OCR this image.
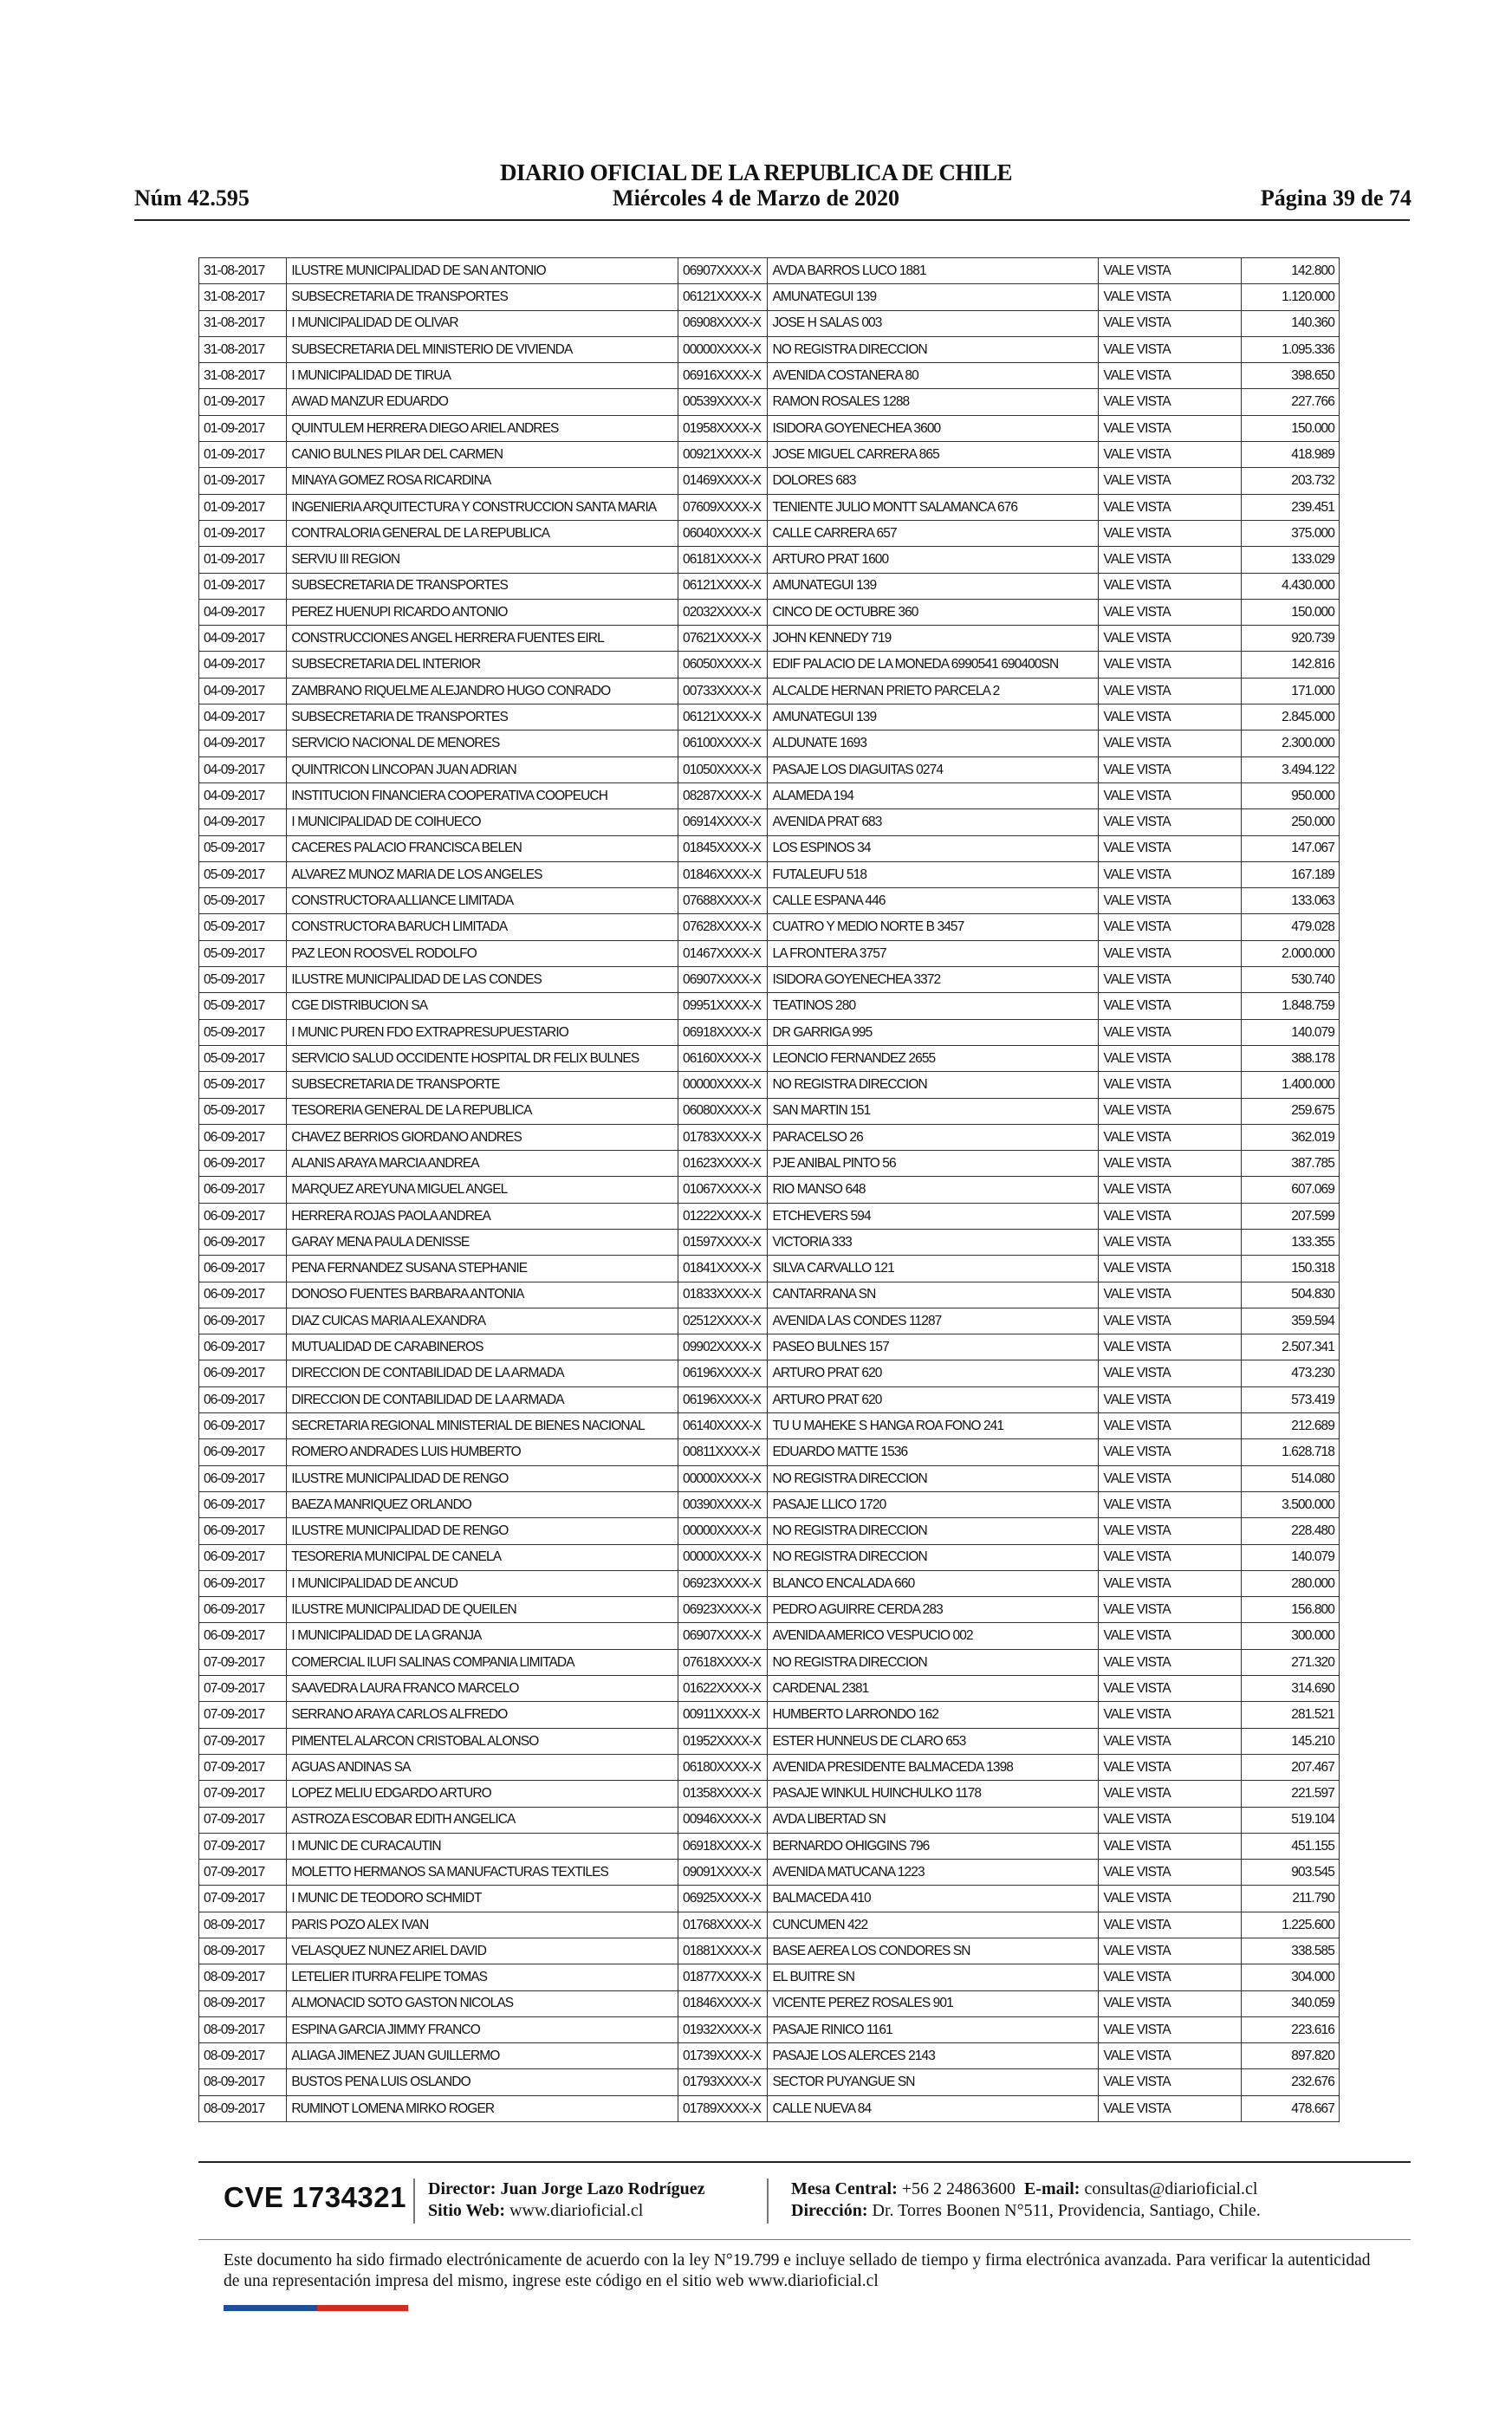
DIARIO OFICIAL DE LA REPUBLICA DE CHILE
Núm 42.595	Miércoles 4 de Marzo de 2020	Página 39 de 74
31-08-2017	ILUSTRE MUNICIPALIDAD DE SAN ANTONIO	06907XXXX-X	AVDA BARROS LUCO 1881	VALE VISTA	142.800
31-08-2017	SUBSECRETARIA DE TRANSPORTES	06121XXXX-X	AMUNATEGUI 139	VALE VISTA	1.120.000
31-08-2017	I MUNICIPALIDAD DE OLIVAR	06908XXXX-X	JOSE H SALAS 003	VALE VISTA	140.360
31-08-2017	SUBSECRETARIA DEL MINISTERIO DE VIVIENDA	00000XXXX-X	NO REGISTRA DIRECCION	VALE VISTA	1.095.336
31-08-2017	I MUNICIPALIDAD DE TIRUA	06916XXXX-X	AVENIDA COSTANERA 80	VALE VISTA	398.650
01-09-2017	AWAD MANZUR EDUARDO	00539XXXX-X	RAMON ROSALES 1288	VALE VISTA	227.766
01-09-2017	QUINTULEM HERRERA DIEGO ARIEL ANDRES	01958XXXX-X	ISIDORA GOYENECHEA 3600	VALE VISTA	150.000
01-09-2017	CANIO BULNES PILAR DEL CARMEN	00921XXXX-X	JOSE MIGUEL CARRERA 865	VALE VISTA	418.989
01-09-2017	MINAYA GOMEZ ROSA RICARDINA	01469XXXX-X	DOLORES 683	VALE VISTA	203.732
01-09-2017	INGENIERIA ARQUITECTURA Y CONSTRUCCION SANTA MARIA	07609XXXX-X	TENIENTE JULIO MONTT SALAMANCA 676	VALE VISTA	239.451
01-09-2017	CONTRALORIA GENERAL DE LA REPUBLICA	06040XXXX-X	CALLE CARRERA 657	VALE VISTA	375.000
01-09-2017	SERVIU III REGION	06181XXXX-X	ARTURO PRAT 1600	VALE VISTA	133.029
01-09-2017	SUBSECRETARIA DE TRANSPORTES	06121XXXX-X	AMUNATEGUI 139	VALE VISTA	4.430.000
04-09-2017	PEREZ HUENUPI RICARDO ANTONIO	02032XXXX-X	CINCO DE OCTUBRE 360	VALE VISTA	150.000
04-09-2017	CONSTRUCCIONES ANGEL HERRERA FUENTES EIRL	07621XXXX-X	JOHN KENNEDY 719	VALE VISTA	920.739
04-09-2017	SUBSECRETARIA DEL INTERIOR	06050XXXX-X	EDIF PALACIO DE LA MONEDA 6990541 690400SN	VALE VISTA	142.816
04-09-2017	ZAMBRANO RIQUELME ALEJANDRO HUGO CONRADO	00733XXXX-X	ALCALDE HERNAN PRIETO PARCELA 2	VALE VISTA	171.000
04-09-2017	SUBSECRETARIA DE TRANSPORTES	06121XXXX-X	AMUNATEGUI 139	VALE VISTA	2.845.000
04-09-2017	SERVICIO NACIONAL DE MENORES	06100XXXX-X	ALDUNATE 1693	VALE VISTA	2.300.000
04-09-2017	QUINTRICON LINCOPAN JUAN ADRIAN	01050XXXX-X	PASAJE LOS DIAGUITAS 0274	VALE VISTA	3.494.122
04-09-2017	INSTITUCION FINANCIERA COOPERATIVA COOPEUCH	08287XXXX-X	ALAMEDA 194	VALE VISTA	950.000
04-09-2017	I MUNICIPALIDAD DE COIHUECO	06914XXXX-X	AVENIDA PRAT 683	VALE VISTA	250.000
05-09-2017	CACERES PALACIO FRANCISCA BELEN	01845XXXX-X	LOS ESPINOS 34	VALE VISTA	147.067
05-09-2017	ALVAREZ MUNOZ MARIA DE LOS ANGELES	01846XXXX-X	FUTALEUFU 518	VALE VISTA	167.189
05-09-2017	CONSTRUCTORA ALLIANCE LIMITADA	07688XXXX-X	CALLE ESPANA 446	VALE VISTA	133.063
05-09-2017	CONSTRUCTORA BARUCH LIMITADA	07628XXXX-X	CUATRO Y MEDIO NORTE B 3457	VALE VISTA	479.028
05-09-2017	PAZ LEON ROOSVEL RODOLFO	01467XXXX-X	LA FRONTERA 3757	VALE VISTA	2.000.000
05-09-2017	ILUSTRE MUNICIPALIDAD DE LAS CONDES	06907XXXX-X	ISIDORA GOYENECHEA 3372	VALE VISTA	530.740
05-09-2017	CGE DISTRIBUCION SA	09951XXXX-X	TEATINOS 280	VALE VISTA	1.848.759
05-09-2017	I MUNIC PUREN FDO EXTRAPRESUPUESTARIO	06918XXXX-X	DR GARRIGA 995	VALE VISTA	140.079
05-09-2017	SERVICIO SALUD OCCIDENTE HOSPITAL DR FELIX BULNES	06160XXXX-X	LEONCIO FERNANDEZ 2655	VALE VISTA	388.178
05-09-2017	SUBSECRETARIA DE TRANSPORTE	00000XXXX-X	NO REGISTRA DIRECCION	VALE VISTA	1.400.000
05-09-2017	TESORERIA GENERAL DE LA REPUBLICA	06080XXXX-X	SAN MARTIN 151	VALE VISTA	259.675
06-09-2017	CHAVEZ BERRIOS GIORDANO ANDRES	01783XXXX-X	PARACELSO 26	VALE VISTA	362.019
06-09-2017	ALANIS ARAYA MARCIA ANDREA	01623XXXX-X	PJE ANIBAL PINTO 56	VALE VISTA	387.785
06-09-2017	MARQUEZ AREYUNA MIGUEL ANGEL	01067XXXX-X	RIO MANSO 648	VALE VISTA	607.069
06-09-2017	HERRERA ROJAS PAOLA ANDREA	01222XXXX-X	ETCHEVERS 594	VALE VISTA	207.599
06-09-2017	GARAY MENA PAULA DENISSE	01597XXXX-X	VICTORIA 333	VALE VISTA	133.355
06-09-2017	PENA FERNANDEZ SUSANA STEPHANIE	01841XXXX-X	SILVA CARVALLO 121	VALE VISTA	150.318
06-09-2017	DONOSO FUENTES BARBARA ANTONIA	01833XXXX-X	CANTARRANA SN	VALE VISTA	504.830
06-09-2017	DIAZ CUICAS MARIA ALEXANDRA	02512XXXX-X	AVENIDA LAS CONDES 11287	VALE VISTA	359.594
06-09-2017	MUTUALIDAD DE CARABINEROS	09902XXXX-X	PASEO BULNES 157	VALE VISTA	2.507.341
06-09-2017	DIRECCION DE CONTABILIDAD DE LA ARMADA	06196XXXX-X	ARTURO PRAT 620	VALE VISTA	473.230
06-09-2017	DIRECCION DE CONTABILIDAD DE LA ARMADA	06196XXXX-X	ARTURO PRAT 620	VALE VISTA	573.419
06-09-2017	SECRETARIA REGIONAL MINISTERIAL DE BIENES NACIONAL	06140XXXX-X	TU U MAHEKE S HANGA ROA FONO 241	VALE VISTA	212.689
06-09-2017	ROMERO ANDRADES LUIS HUMBERTO	00811XXXX-X	EDUARDO MATTE 1536	VALE VISTA	1.628.718
06-09-2017	ILUSTRE MUNICIPALIDAD DE RENGO	00000XXXX-X	NO REGISTRA DIRECCION	VALE VISTA	514.080
06-09-2017	BAEZA MANRIQUEZ ORLANDO	00390XXXX-X	PASAJE LLICO 1720	VALE VISTA	3.500.000
06-09-2017	ILUSTRE MUNICIPALIDAD DE RENGO	00000XXXX-X	NO REGISTRA DIRECCION	VALE VISTA	228.480
06-09-2017	TESORERIA MUNICIPAL DE CANELA	00000XXXX-X	NO REGISTRA DIRECCION	VALE VISTA	140.079
06-09-2017	I MUNICIPALIDAD DE ANCUD	06923XXXX-X	BLANCO ENCALADA 660	VALE VISTA	280.000
06-09-2017	ILUSTRE MUNICIPALIDAD DE QUEILEN	06923XXXX-X	PEDRO AGUIRRE CERDA 283	VALE VISTA	156.800
06-09-2017	I MUNICIPALIDAD DE LA GRANJA	06907XXXX-X	AVENIDA AMERICO VESPUCIO 002	VALE VISTA	300.000
07-09-2017	COMERCIAL ILUFI SALINAS COMPANIA LIMITADA	07618XXXX-X	NO REGISTRA DIRECCION	VALE VISTA	271.320
07-09-2017	SAAVEDRA LAURA FRANCO MARCELO	01622XXXX-X	CARDENAL 2381	VALE VISTA	314.690
07-09-2017	SERRANO ARAYA CARLOS ALFREDO	00911XXXX-X	HUMBERTO LARRONDO 162	VALE VISTA	281.521
07-09-2017	PIMENTEL ALARCON CRISTOBAL ALONSO	01952XXXX-X	ESTER HUNNEUS DE CLARO 653	VALE VISTA	145.210
07-09-2017	AGUAS ANDINAS SA	06180XXXX-X	AVENIDA PRESIDENTE BALMACEDA 1398	VALE VISTA	207.467
07-09-2017	LOPEZ MELIU EDGARDO ARTURO	01358XXXX-X	PASAJE WINKUL HUINCHULKO 1178	VALE VISTA	221.597
07-09-2017	ASTROZA ESCOBAR EDITH ANGELICA	00946XXXX-X	AVDA LIBERTAD SN	VALE VISTA	519.104
07-09-2017	I MUNIC DE CURACAUTIN	06918XXXX-X	BERNARDO OHIGGINS 796	VALE VISTA	451.155
07-09-2017	MOLETTO HERMANOS SA MANUFACTURAS TEXTILES	09091XXXX-X	AVENIDA MATUCANA 1223	VALE VISTA	903.545
07-09-2017	I MUNIC DE TEODORO SCHMIDT	06925XXXX-X	BALMACEDA 410	VALE VISTA	211.790
08-09-2017	PARIS POZO ALEX IVAN	01768XXXX-X	CUNCUMEN 422	VALE VISTA	1.225.600
08-09-2017	VELASQUEZ NUNEZ ARIEL DAVID	01881XXXX-X	BASE AEREA LOS CONDORES SN	VALE VISTA	338.585
08-09-2017	LETELIER ITURRA FELIPE TOMAS	01877XXXX-X	EL BUITRE SN	VALE VISTA	304.000
08-09-2017	ALMONACID SOTO GASTON NICOLAS	01846XXXX-X	VICENTE PEREZ ROSALES 901	VALE VISTA	340.059
08-09-2017	ESPINA GARCIA JIMMY FRANCO	01932XXXX-X	PASAJE RINICO 1161	VALE VISTA	223.616
08-09-2017	ALIAGA JIMENEZ JUAN GUILLERMO	01739XXXX-X	PASAJE LOS ALERCES 2143	VALE VISTA	897.820
08-09-2017	BUSTOS PENA LUIS OSLANDO	01793XXXX-X	SECTOR PUYANGUE SN	VALE VISTA	232.676
08-09-2017	RUMINOT LOMENA MIRKO ROGER	01789XXXX-X	CALLE NUEVA 84	VALE VISTA	478.667
CVE 1734321 Director: Juan Jorge Lazo Rodríguez
Sitio Web: www.diarioficial.cl
Mesa Central: +56 2 24863600 E-mail: consultas@diarioficial.cl
Dirección: Dr. Torres Boonen N°511, Providencia, Santiago, Chile.
Este documento ha sido firmado electrónicamente de acuerdo con la ley N°19.799 e incluye sellado de tiempo y firma electrónica avanzada. Para verificar la autenticidad de una representación impresa del mismo, ingrese este código en el sitio web www.diarioficial.cl
